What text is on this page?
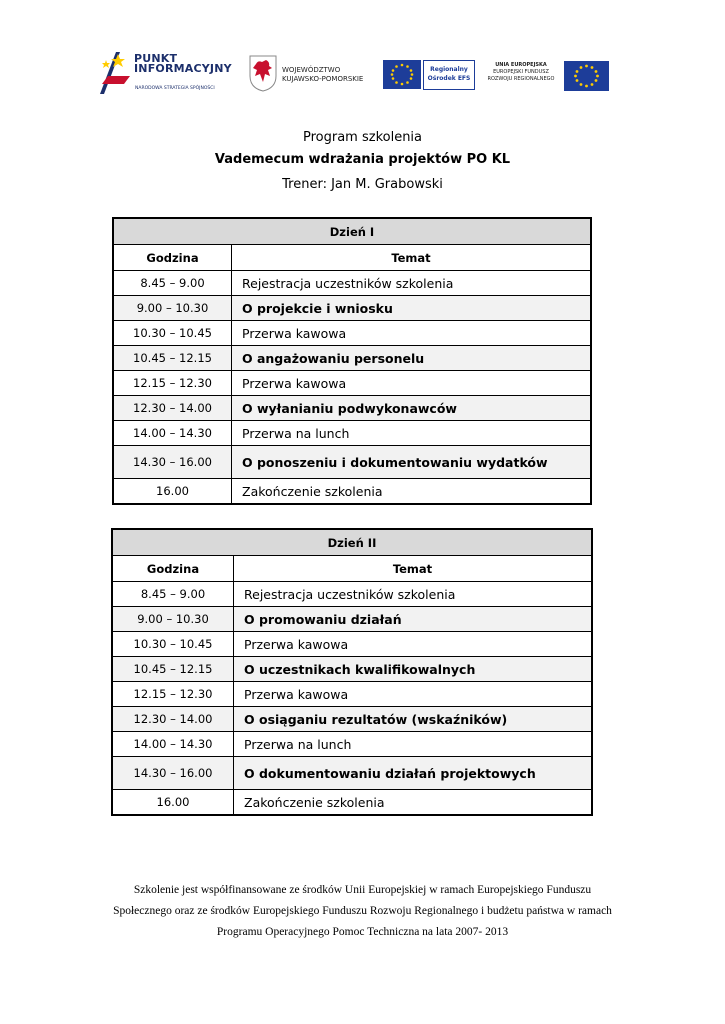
PUNKT
INFORMACYJNY
NARODOWA STRATEGIA SPÓJNOŚCI
WOJEWÓDZTWO
KUJAWSKO-POMORSKIE
Regionalny
Ośrodek EFS
UNIA EUROPEJSKA
EUROPEJSKI FUNDUSZ
ROZWOJU REGIONALNEGO
Program szkolenia
Vademecum wdrażania projektów PO KL
Trener: Jan M. Grabowski
Dzień I	
Godzina	Temat
8.45 – 9.00	Rejestracja uczestników szkolenia
9.00 – 10.30	O projekcie i wniosku
10.30 – 10.45	Przerwa kawowa
10.45 – 12.15	O angażowaniu personelu
12.15 – 12.30	Przerwa kawowa
12.30 – 14.00	O wyłanianiu podwykonawców
14.00 – 14.30	Przerwa na lunch
14.30 – 16.00	O ponoszeniu i dokumentowaniu wydatków
16.00	Zakończenie szkolenia
Dzień II	
Godzina	Temat
8.45 – 9.00	Rejestracja uczestników szkolenia
9.00 – 10.30	O promowaniu działań
10.30 – 10.45	Przerwa kawowa
10.45 – 12.15	O uczestnikach kwalifikowalnych
12.15 – 12.30	Przerwa kawowa
12.30 – 14.00	O osiąganiu rezultatów (wskaźników)
14.00 – 14.30	Przerwa na lunch
14.30 – 16.00	O dokumentowaniu działań projektowych
16.00	Zakończenie szkolenia
Szkolenie jest współfinansowane ze środków Unii Europejskiej w ramach Europejskiego Funduszu
Społecznego oraz ze środków Europejskiego Funduszu Rozwoju Regionalnego i budżetu państwa w ramach
Programu Operacyjnego Pomoc Techniczna na lata 2007- 2013
